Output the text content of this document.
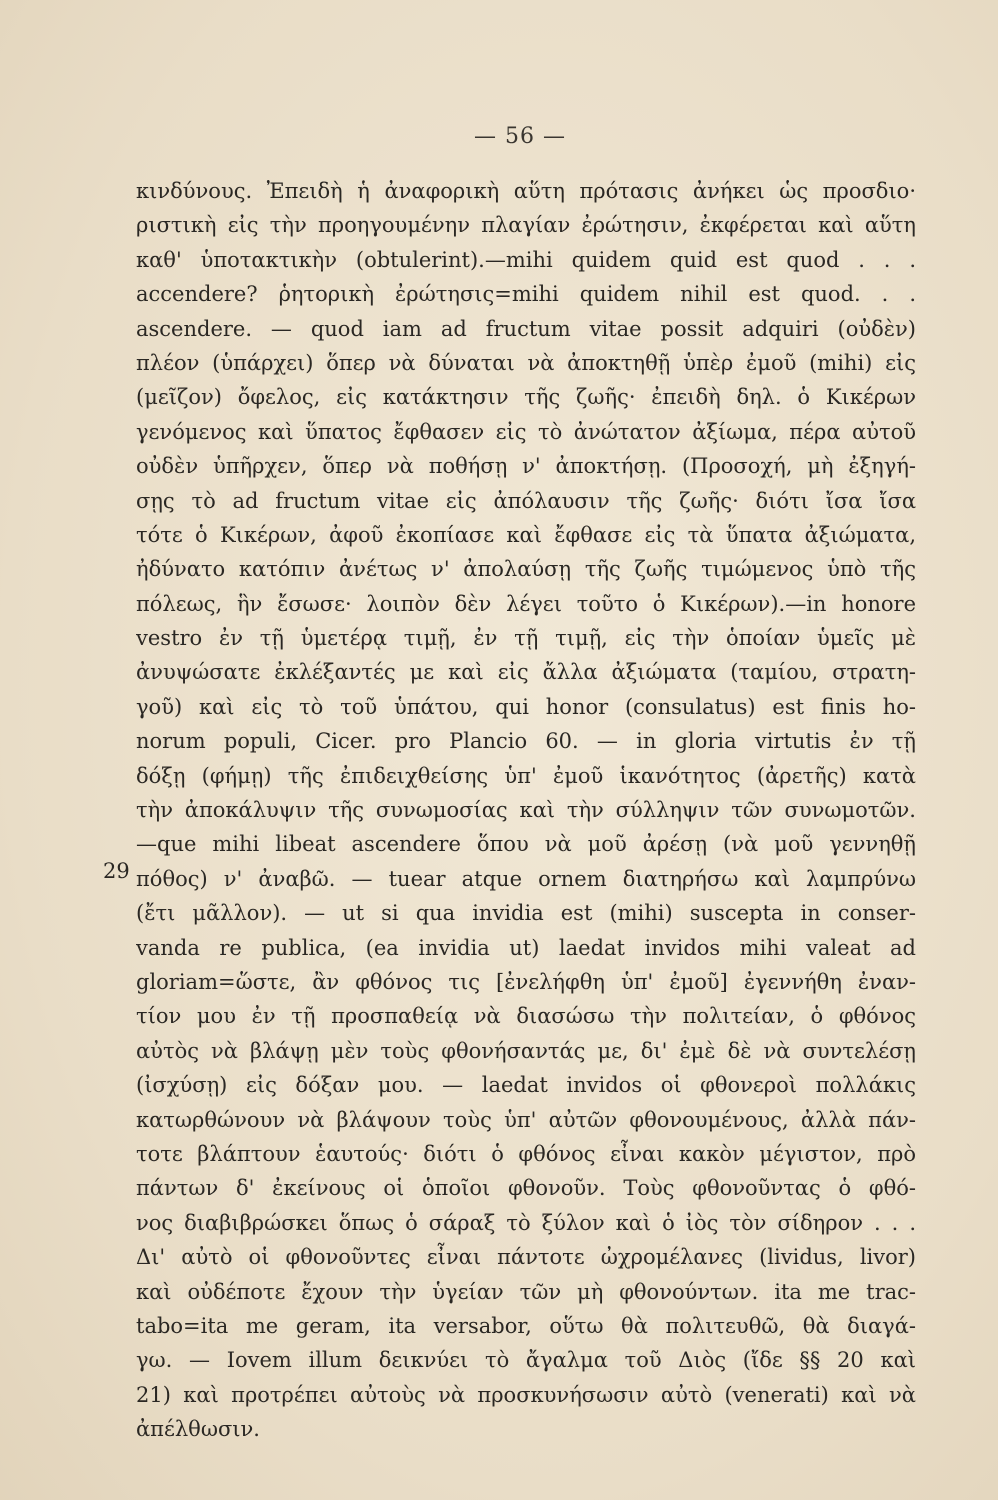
— 56 —
29
κινδύνους. Ἐπειδὴ ἡ ἀναφορικὴ αὕτη πρότασις ἀνήκει ὡς προσδιο·
ριστικὴ εἰς τὴν προηγουμένην πλαγίαν ἐρώτησιν, ἐκφέρεται καὶ αὕτη
καθ' ὑποτακτικὴν (obtulerint).—mihi quidem quid est quod . . .
accendere? ῥητορικὴ ἐρώτησις=mihi quidem nihil est quod. . .
ascendere. — quod iam ad fructum vitae possit adquiri (οὐδὲν)
πλέον (ὑπάρχει) ὅπερ νὰ δύναται νὰ ἀποκτηθῇ ὑπὲρ ἐμοῦ (mihi) εἰς
(μεῖζον) ὄφελος, εἰς κατάκτησιν τῆς ζωῆς· ἐπειδὴ δηλ. ὁ Κικέρων
γενόμενος καὶ ὕπατος ἔφθασεν εἰς τὸ ἀνώτατον ἀξίωμα, πέρα αὐτοῦ
οὐδὲν ὑπῆρχεν, ὅπερ νὰ ποθήσῃ ν' ἀποκτήσῃ. (Προσοχή, μὴ ἐξηγή-
σῃς τὸ ad fructum vitae εἰς ἀπόλαυσιν τῆς ζωῆς· διότι ἴσα ἴσα
τότε ὁ Κικέρων, ἀφοῦ ἐκοπίασε καὶ ἔφθασε εἰς τὰ ὕπατα ἀξιώματα,
ἠδύνατο κατόπιν ἀνέτως ν' ἀπολαύσῃ τῆς ζωῆς τιμώμενος ὑπὸ τῆς
πόλεως, ἣν ἔσωσε· λοιπὸν δὲν λέγει τοῦτο ὁ Κικέρων).—in honore
vestro ἐν τῇ ὑμετέρᾳ τιμῇ, ἐν τῇ τιμῇ, εἰς τὴν ὁποίαν ὑμεῖς μὲ
ἀνυψώσατε ἐκλέξαντές με καὶ εἰς ἄλλα ἀξιώματα (ταμίου, στρατη-
γοῦ) καὶ εἰς τὸ τοῦ ὑπάτου, qui honor (consulatus) est finis ho-
norum populi, Cicer. pro Plancio 60. — in gloria virtutis ἐν τῇ
δόξῃ (φήμῃ) τῆς ἐπιδειχθείσης ὑπ' ἐμοῦ ἱκανότητος (ἀρετῆς) κατὰ
τὴν ἀποκάλυψιν τῆς συνωμοσίας καὶ τὴν σύλληψιν τῶν συνωμοτῶν.
—que mihi libeat ascendere ὅπου νὰ μοῦ ἀρέσῃ (νὰ μοῦ γεννηθῇ
πόθος) ν' ἀναβῶ. — tuear atque ornem διατηρήσω καὶ λαμπρύνω
(ἔτι μᾶλλον). — ut si qua invidia est (mihi) suscepta in conser-
vanda re publica, (ea invidia ut) laedat invidos mihi valeat ad
gloriam=ὥστε, ἂν φθόνος τις [ἐνελήφθη ὑπ' ἐμοῦ] ἐγεννήθη ἐναν-
τίον μου ἐν τῇ προσπαθείᾳ νὰ διασώσω τὴν πολιτείαν, ὁ φθόνος
αὐτὸς νὰ βλάψῃ μὲν τοὺς φθονήσαντάς με, δι' ἐμὲ δὲ νὰ συντελέσῃ
(ἰσχύσῃ) εἰς δόξαν μου. — laedat invidos οἱ φθονεροὶ πολλάκις
κατωρθώνουν νὰ βλάψουν τοὺς ὑπ' αὐτῶν φθονουμένους, ἀλλὰ πάν-
τοτε βλάπτουν ἑαυτούς· διότι ὁ φθόνος εἶναι κακὸν μέγιστον, πρὸ
πάντων δ' ἐκείνους οἱ ὁποῖοι φθονοῦν. Τοὺς φθονοῦντας ὁ φθό-
νος διαβιβρώσκει ὅπως ὁ σάραξ τὸ ξύλον καὶ ὁ ἰὸς τὸν σίδηρον . . .
Δι' αὐτὸ οἱ φθονοῦντες εἶναι πάντοτε ὠχρομέλανες (lividus, livor)
καὶ οὐδέποτε ἔχουν τὴν ὑγείαν τῶν μὴ φθονούντων. ita me trac-
tabo=ita me geram, ita versabor, οὕτω θὰ πολιτευθῶ, θὰ διαγά-
γω. — Iovem illum δεικνύει τὸ ἄγαλμα τοῦ Διὸς (ἴδε §§ 20 καὶ
21) καὶ προτρέπει αὐτοὺς νὰ προσκυνήσωσιν αὐτὸ (venerati) καὶ νὰ
ἀπέλθωσιν.
